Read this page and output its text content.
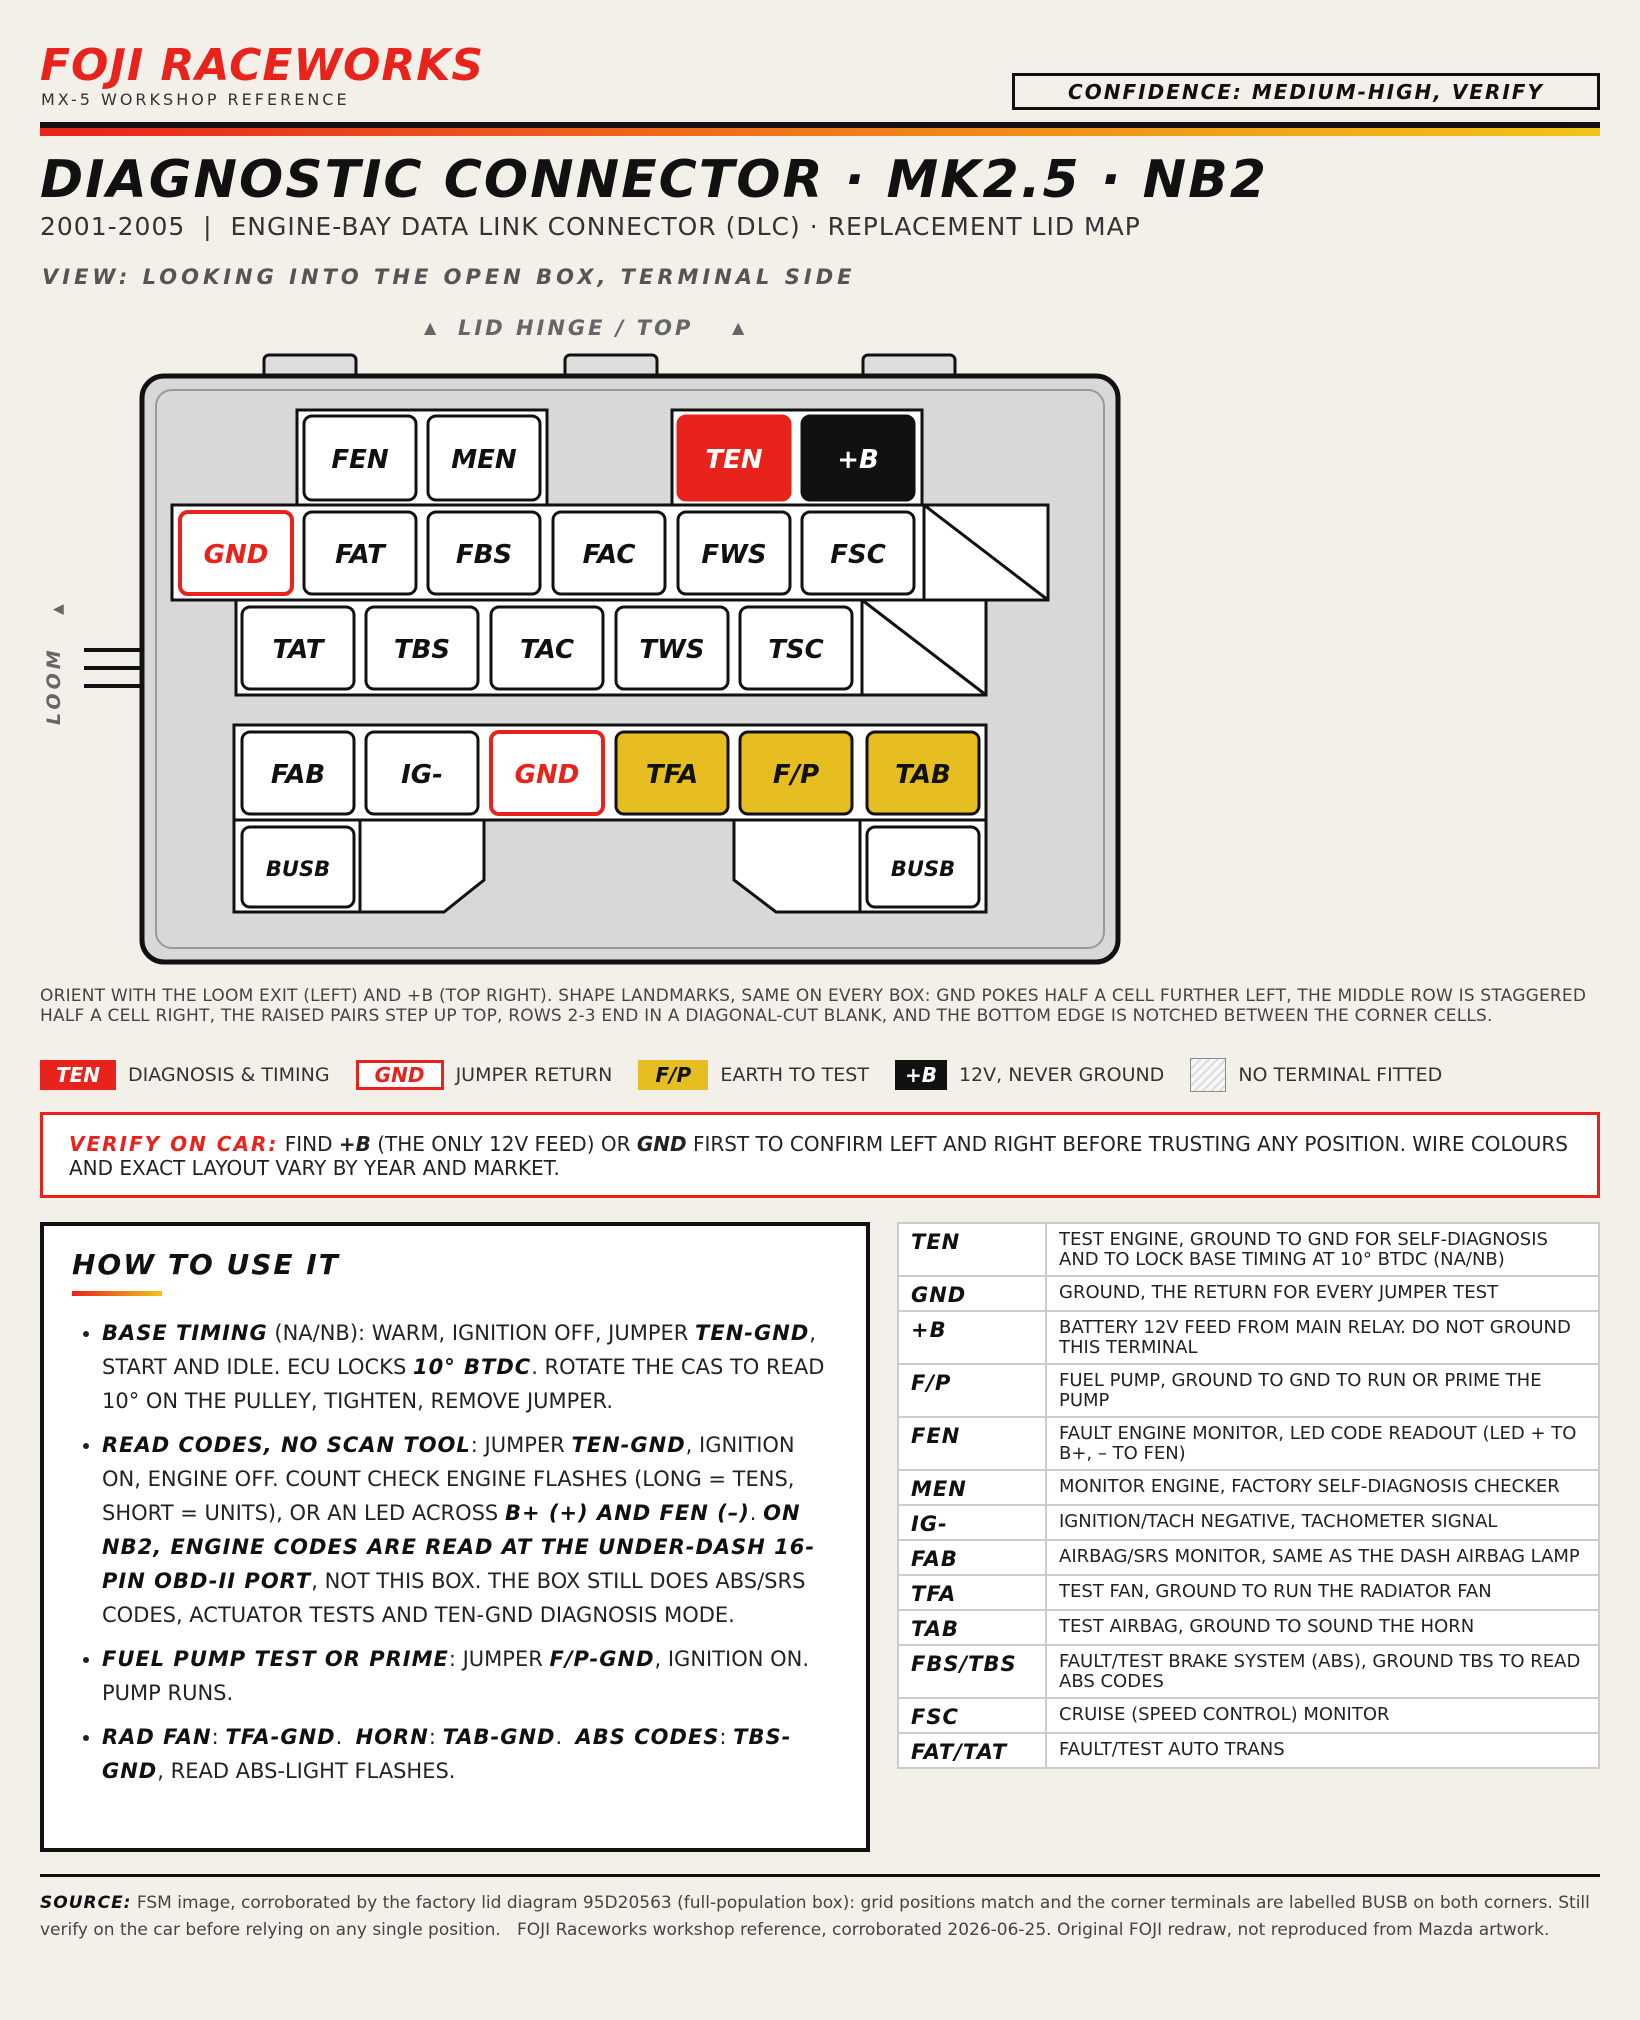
FOJI RACEWORKS
MX-5 WORKSHOP REFERENCE	CONFIDENCE: MEDIUM-HIGH, VERIFY
DIAGNOSTIC CONNECTOR · MK2.5 · NB2
2001-2005  |  ENGINE-BAY DATA LINK CONNECTOR (DLC) · REPLACEMENT LID MAP
VIEW: LOOKING INTO THE OPEN BOX, TERMINAL SIDE
▲ LID HINGE / TOP ▲
LOOM
▲
FEN MEN	TEN	+B
GND	FAT	FBS	FAC	FWS FSC
TAT	TBS	TAC	TWS TSC
FAB	IG-	GND	TFA	F/P	TAB
BUSB	BUSB
ORIENT WITH THE LOOM EXIT (LEFT) AND +B (TOP RIGHT). SHAPE LANDMARKS, SAME ON EVERY BOX: GND POKES HALF A CELL FURTHER LEFT, THE MIDDLE ROW IS STAGGERED HALF A CELL RIGHT, THE RAISED PAIRS STEP UP TOP, ROWS 2-3 END IN A DIAGONAL-CUT BLANK, AND THE BOTTOM EDGE IS NOTCHED BETWEEN THE CORNER CELLS.
TEN	DIAGNOSIS & TIMING	GND	JUMPER RETURN	F/P	EARTH TO TEST	+B	12V, NEVER GROUND	NO TERMINAL FITTED
VERIFY ON CAR: FIND +B (THE ONLY 12V FEED) OR GND FIRST TO CONFIRM LEFT AND RIGHT BEFORE TRUSTING ANY POSITION. WIRE COLOURS AND EXACT LAYOUT VARY BY YEAR AND MARKET.
HOW TO USE IT
• BASE TIMING (NA/NB): WARM, IGNITION OFF, JUMPER TEN-GND, START AND IDLE. ECU LOCKS 10° BTDC. ROTATE THE CAS TO READ 10° ON THE PULLEY, TIGHTEN, REMOVE JUMPER.
• READ CODES, NO SCAN TOOL: JUMPER TEN-GND, IGNITION ON, ENGINE OFF. COUNT CHECK ENGINE FLASHES (LONG = TENS, SHORT = UNITS), OR AN LED ACROSS B+ (+) AND FEN (–). ON NB2, ENGINE CODES ARE READ AT THE UNDER-DASH 16-PIN OBD-II PORT, NOT THIS BOX. THE BOX STILL DOES ABS/SRS CODES, ACTUATOR TESTS AND TEN-GND DIAGNOSIS MODE.
• FUEL PUMP TEST OR PRIME: JUMPER F/P-GND, IGNITION ON. PUMP RUNS.
• RAD FAN: TFA-GND.  HORN: TAB-GND.  ABS CODES: TBS-GND, READ ABS-LIGHT FLASHES.
TEN	TEST ENGINE, GROUND TO GND FOR SELF-DIAGNOSIS AND TO LOCK BASE TIMING AT 10° BTDC (NA/NB)
GND	GROUND, THE RETURN FOR EVERY JUMPER TEST
+B	BATTERY 12V FEED FROM MAIN RELAY. DO NOT GROUND THIS TERMINAL
F/P	FUEL PUMP, GROUND TO GND TO RUN OR PRIME THE PUMP
FEN	FAULT ENGINE MONITOR, LED CODE READOUT (LED + TO B+, – TO FEN)
MEN	MONITOR ENGINE, FACTORY SELF-DIAGNOSIS CHECKER
IG-	IGNITION/TACH NEGATIVE, TACHOMETER SIGNAL
FAB	AIRBAG/SRS MONITOR, SAME AS THE DASH AIRBAG LAMP
TFA	TEST FAN, GROUND TO RUN THE RADIATOR FAN
TAB	TEST AIRBAG, GROUND TO SOUND THE HORN
FBS/TBS	FAULT/TEST BRAKE SYSTEM (ABS), GROUND TBS TO READ ABS CODES
FSC	CRUISE (SPEED CONTROL) MONITOR
FAT/TAT	FAULT/TEST AUTO TRANS
SOURCE: FSM image, corroborated by the factory lid diagram 95D20563 (full-population box): grid positions match and the corner terminals are labelled BUSB on both corners. Still verify on the car before relying on any single position.   FOJI Raceworks workshop reference, corroborated 2026-06-25. Original FOJI redraw, not reproduced from Mazda artwork.
